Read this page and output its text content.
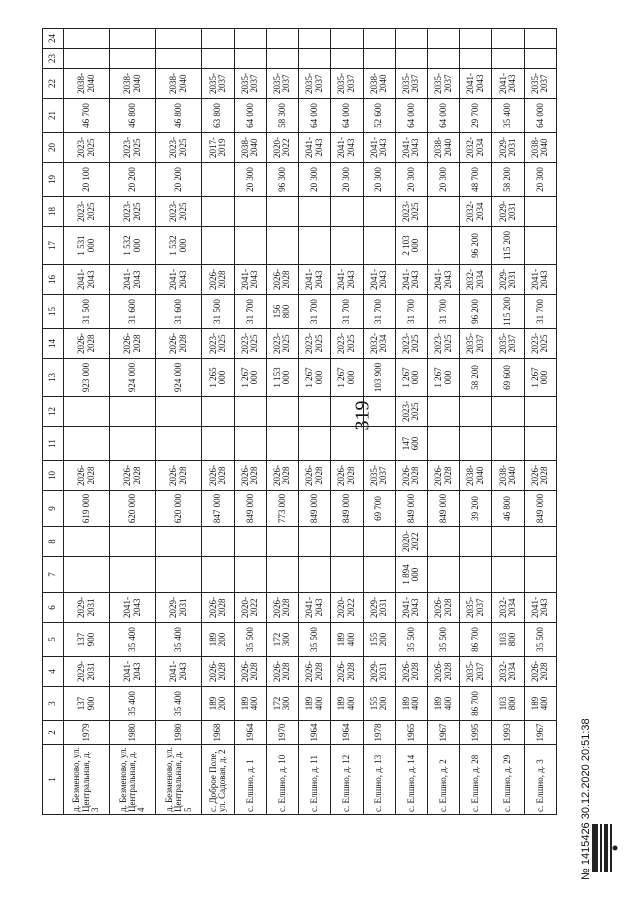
319
1	2	3	4	5	6	7	8	9	10	11	12	13	14	15	16	17	18	19	20	21	22	23	24
д. Безменово, ул. Центральная, д. 3	1979	137 900	2029-2031	137 900	2029-2031			619 000	2026-2028			923 000	2026-2028	31 500	2041-2043	1 531 000	2023-2025	20 100	2023-2025	46 700	2038-2040		
д. Безменово, ул. Центральная, д. 4	1980	35 400	2041-2043	35 400	2041-2043			620 000	2026-2028			924 000	2026-2028	31 600	2041-2043	1 532 000	2023-2025	20 200	2023-2025	46 800	2038-2040		
д. Безменово, ул. Центральная, д. 5	1980	35 400	2041-2043	35 400	2029-2031			620 000	2026-2028			924 000	2026-2028	31 600	2041-2043	1 532 000	2023-2025	20 200	2023-2025	46 800	2038-2040		
с. Доброе Поле, ул. Садовая, д. 2	1968	189 200	2026-2028	189 200	2026-2028			847 000	2026-2028			1 265 000	2023-2025	31 500	2026-2028				2017-2019	63 800	2035-2037		
с. Елшно, д. 1	1964	189 400	2026-2028	35 500	2020-2022			849 000	2026-2028			1 267 000	2023-2025	31 700	2041-2043			20 300	2038-2040	64 000	2035-2037		
с. Елшно, д. 10	1970	172 300	2026-2028	172 300	2026-2028			773 000	2026-2028			1 153 000	2023-2025	156 800	2026-2028			96 300	2020-2022	58 300	2035-2037		
с. Елшно, д. 11	1964	189 400	2026-2028	35 500	2041-2043			849 000	2026-2028			1 267 000	2023-2025	31 700	2041-2043			20 300	2041-2043	64 000	2035-2037		
с. Елшно, д. 12	1964	189 400	2026-2028	189 400	2020-2022			849 000	2026-2028			1 267 000	2023-2025	31 700	2041-2043			20 300	2041-2043	64 000	2035-2037		
с. Елшно, д. 13	1978	155 200	2029-2031	155 200	2029-2031			69 700	2035-2037			103 900	2032-2034	31 700	2041-2043			20 300	2041-2043	52 600	2038-2040		
с. Елшно, д. 14	1965	189 400	2026-2028	35 500	2041-2043	1 894 000	2020-2022	849 000	2026-2028	147 600	2023-2025	1 267 000	2023-2025	31 700	2041-2043	2 103 000	2023-2025	20 300	2041-2043	64 000	2035-2037		
с. Елшно, д. 2	1967	189 400	2026-2028	35 500	2026-2028			849 000	2026-2028			1 267 000	2023-2025	31 700	2041-2043			20 300	2038-2040	64 000	2035-2037		
с. Елшно, д. 28	1995	86 700	2035-2037	86 700	2035-2037			39 200	2038-2040			58 200	2035-2037	96 200	2032-2034	96 200	2032-2034	48 700	2032-2034	29 700	2041-2043		
с. Елшно, д. 29	1993	103 800	2032-2034	103 800	2032-2034			46 800	2038-2040			69 600	2035-2037	115 200	2029-2031	115 200	2029-2031	58 200	2029-2031	35 400	2041-2043		
с. Елшно, д. 3	1967	189 400	2026-2028	35 500	2041-2043			849 000	2026-2028			1 267 000	2023-2025	31 700	2041-2043			20 300	2038-2040	64 000	2035-2037		
№ 1415426 30.12.2020 20:51:38
